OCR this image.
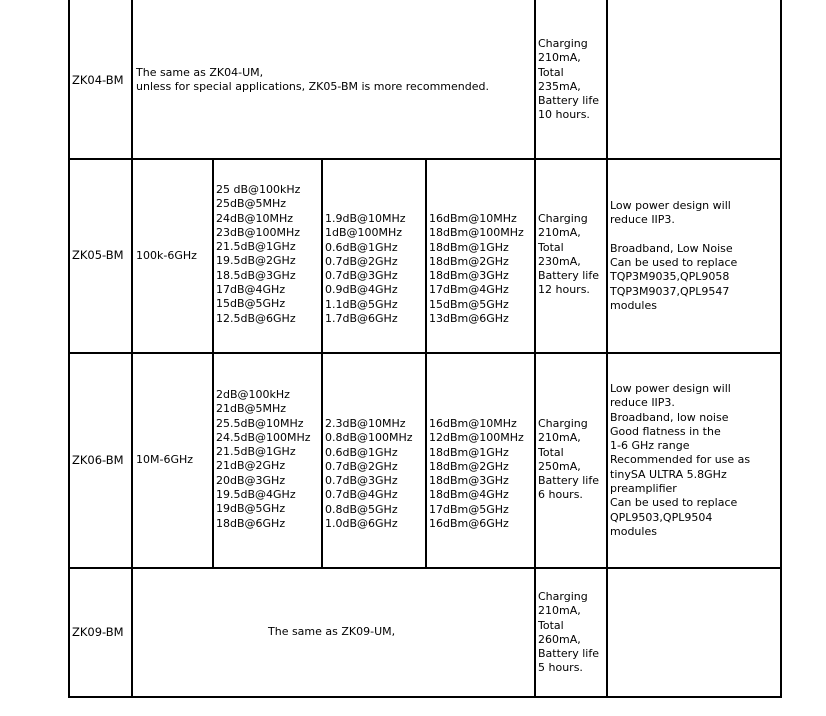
ZK04-BM
The same as ZK04-UM,
unless for special applications, ZK05-BM is more recommended.
Charging
210mA,
Total
235mA,
Battery life
10 hours.
ZK05-BM 100k-6GHz
25 dB@100kHz
25dB@5MHz
24dB@10MHz
23dB@100MHz
21.5dB@1GHz
19.5dB@2GHz
18.5dB@3GHz
17dB@4GHz
15dB@5GHz
12.5dB@6GHz
1.9dB@10MHz
1dB@100MHz
0.6dB@1GHz
0.7dB@2GHz
0.7dB@3GHz
0.9dB@4GHz
1.1dB@5GHz
1.7dB@6GHz
16dBm@10MHz
18dBm@100MHz
18dBm@1GHz
18dBm@2GHz
18dBm@3GHz
17dBm@4GHz
15dBm@5GHz
13dBm@6GHz
Charging
210mA,
Total
230mA,
Battery life
12 hours.
Low power design will
reduce IIP3.
Broadband, Low Noise
Can be used to replace
TQP3M9035,QPL9058
TQP3M9037,QPL9547
modules
ZK06-BM 10M-6GHz
2dB@100kHz
21dB@5MHz
25.5dB@10MHz
24.5dB@100MHz
21.5dB@1GHz
21dB@2GHz
20dB@3GHz
19.5dB@4GHz
19dB@5GHz
18dB@6GHz
2.3dB@10MHz
0.8dB@100MHz
0.6dB@1GHz
0.7dB@2GHz
0.7dB@3GHz
0.7dB@4GHz
0.8dB@5GHz
1.0dB@6GHz
16dBm@10MHz
12dBm@100MHz
18dBm@1GHz
18dBm@2GHz
18dBm@3GHz
18dBm@4GHz
17dBm@5GHz
16dBm@6GHz
Charging
210mA,
Total
250mA,
Battery life
6 hours.
Low power design will
reduce IIP3.
Broadband, low noise
Good flatness in the
1-6 GHz range
Recommended for use as
tinySA ULTRA 5.8GHz
preamplifier
Can be used to replace
QPL9503,QPL9504
modules
ZK09-BM	The same as ZK09-UM,
Charging
210mA,
Total
260mA,
Battery life
5 hours.
